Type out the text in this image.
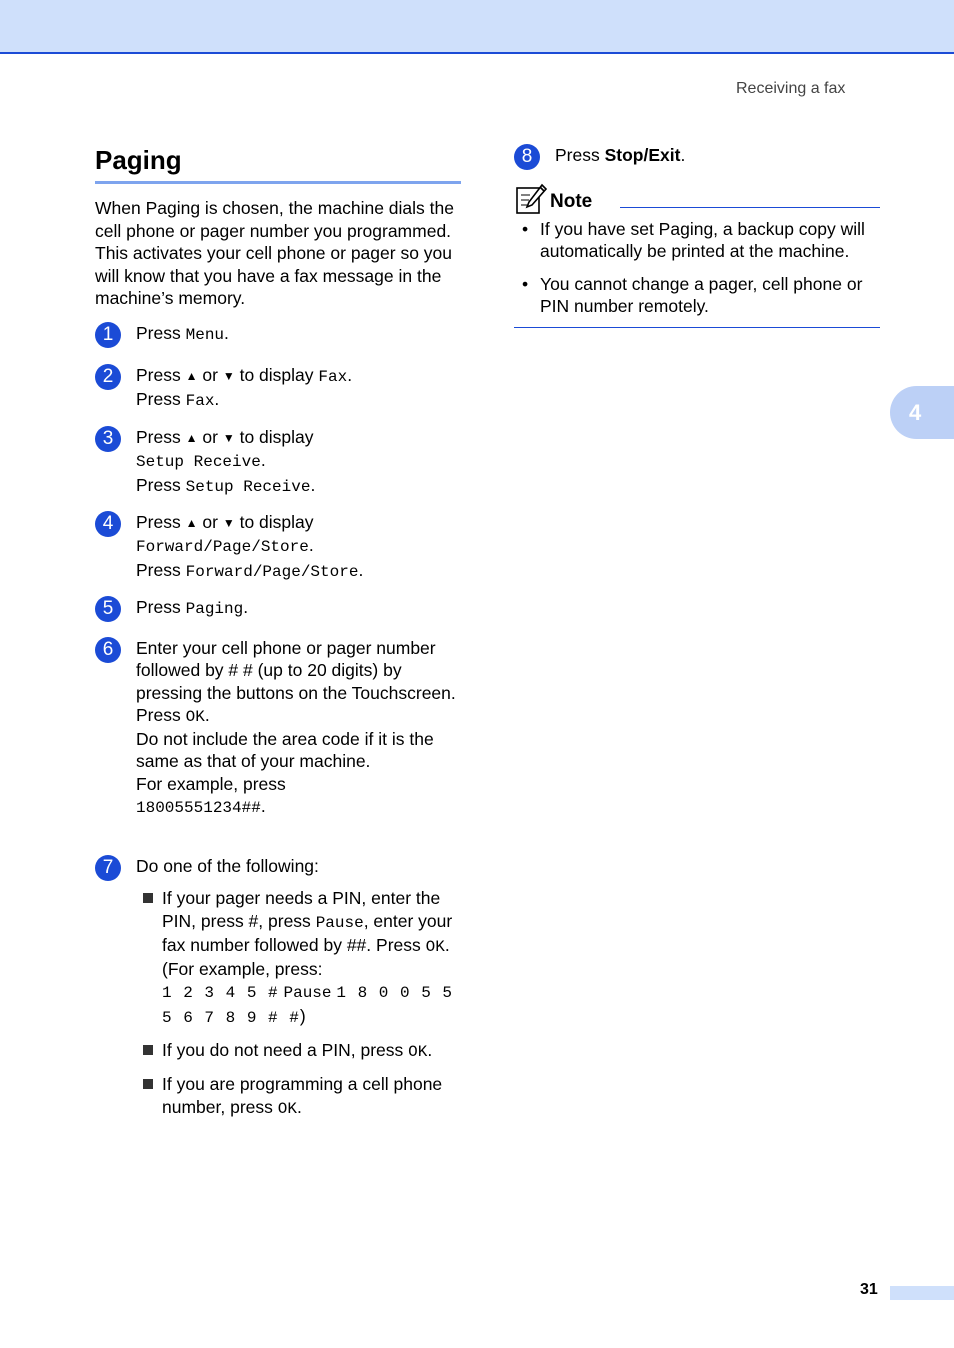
Receiving a fax
Paging
When Paging is chosen, the machine dials the cell phone or pager number you programmed. This activates your cell phone or pager so you will know that you have a fax message in the machine’s memory.
1	Press Menu.
2	Press ▲ or ▼ to display Fax.
Press Fax.
3	Press ▲ or ▼ to display
Setup Receive.
Press Setup Receive.
4	Press ▲ or ▼ to display
Forward/Page/Store.
Press Forward/Page/Store.
5	Press Paging.
6	Enter your cell phone or pager number followed by # # (up to 20 digits) by pressing the buttons on the Touchscreen.
Press OK.
Do not include the area code if it is the same as that of your machine.
For example, press
18005551234##.
7	Do one of the following:
If your pager needs a PIN, enter the PIN, press #, press Pause, enter your fax number followed by ##. Press OK. (For example, press:
1 2 3 4 5 # Pause 1 8 0 0 5 5 5 6 7 8 9 # #)
If you do not need a PIN, press OK.
If you are programming a cell phone number, press OK.
8	Press Stop/Exit.
Note
• If you have set Paging, a backup copy will automatically be printed at the machine.
• You cannot change a pager, cell phone or PIN number remotely.
4
31
